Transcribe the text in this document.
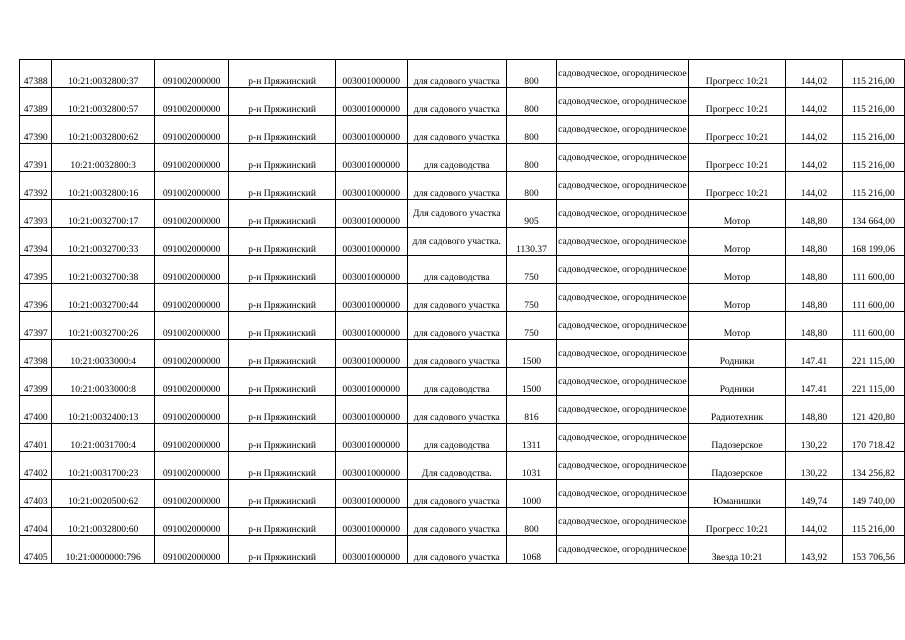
47388	10:21:0032800:37	091002000000	р-н Пряжинский	003001000000	для садового участка	800	садоводческое, огородническое	Прогресс 10:21	144,02	115 216,00
47389	10:21:0032800:57	091002000000	р-н Пряжинский	003001000000	для садового участка	800	садоводческое, огородническое	Прогресс 10:21	144,02	115 216,00
47390	10:21:0032800:62	091002000000	р-н Пряжинский	003001000000	для садового участка	800	садоводческое, огородническое	Прогресс 10:21	144,02	115 216,00
47391	10:21:0032800:3	091002000000	р-н Пряжинский	003001000000	для садоводства	800	садоводческое, огородническое	Прогресс 10:21	144,02	115 216,00
47392	10:21:0032800:16	091002000000	р-н Пряжинский	003001000000	для садового участка	800	садоводческое, огородническое	Прогресс 10:21	144,02	115 216,00
47393	10:21:0032700:17	091002000000	р-н Пряжинский	003001000000	Для садового участка	905	садоводческое, огородническое	Мотор	148,80	134 664,00
47394	10:21:0032700:33	091002000000	р-н Пряжинский	003001000000	для садового участка.	1130.37	садоводческое, огородническое	Мотор	148,80	168 199,06
47395	10:21:0032700:38	091002000000	р-н Пряжинский	003001000000	для садоводства	750	садоводческое, огородническое	Мотор	148,80	111 600,00
47396	10:21:0032700:44	091002000000	р-н Пряжинский	003001000000	для садового участка	750	садоводческое, огородническое	Мотор	148,80	111 600,00
47397	10:21:0032700:26	091002000000	р-н Пряжинский	003001000000	для садового участка	750	садоводческое, огородническое	Мотор	148,80	111 600,00
47398	10:21:0033000:4	091002000000	р-н Пряжинский	003001000000	для садового участка	1500	садоводческое, огородническое	Родники	147.41	221 115,00
47399	10:21:0033000:8	091002000000	р-н Пряжинский	003001000000	для садоводства	1500	садоводческое, огородническое	Родники	147.41	221 115,00
47400	10:21:0032400:13	091002000000	р-н Пряжинский	003001000000	для садового участка	816	садоводческое, огородническое	Радиотехник	148,80	121 420,80
47401	10:21:0031700:4	091002000000	р-н Пряжинский	003001000000	для садоводства	1311	садоводческое, огородническое	Падозерское	130,22	170 718.42
47402	10:21:0031700:23	091002000000	р-н Пряжинский	003001000000	Для садоводства.	1031	садоводческое, огородническое	Падозерское	130,22	134 256,82
47403	10:21:0020500:62	091002000000	р-н Пряжинский	003001000000	для садового участка	1000	садоводческое, огородническое	Юманишки	149,74	149 740,00
47404	10:21:0032800:60	091002000000	р-н Пряжинский	003001000000	для садового участка	800	садоводческое, огородническое	Прогресс 10:21	144,02	115 216,00
47405	10:21:0000000:796	091002000000	р-н Пряжинский	003001000000	для садового участка	1068	садоводческое, огородническое	Звезда 10:21	143,92	153 706,56
